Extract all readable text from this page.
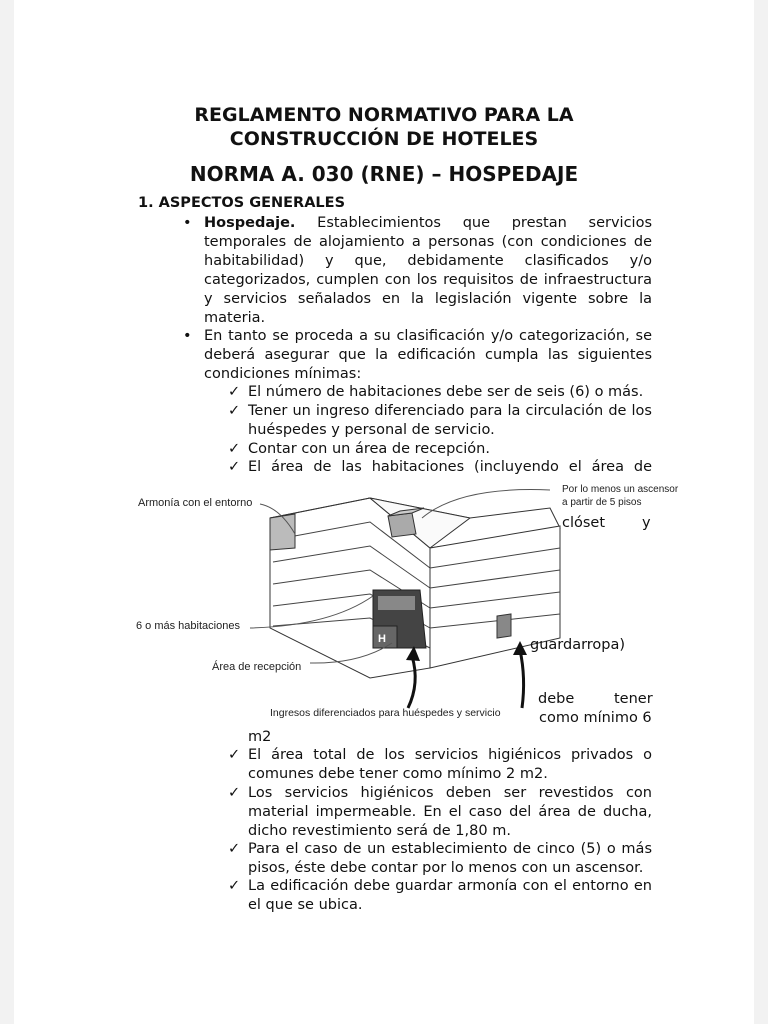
REGLAMENTO NORMATIVO PARA LA
CONSTRUCCIÓN DE HOTELES
NORMA A. 030 (RNE) – HOSPEDAJE
1. ASPECTOS GENERALES
• Hospedaje. Establecimientos que prestan servicios
temporales de alojamiento a personas (con condiciones de
habitabilidad) y que, debidamente clasificados y/o
categorizados, cumplen con los requisitos de infraestructura
y servicios señalados en la legislación vigente sobre la
materia.
• En tanto se proceda a su clasificación y/o categorización, se
deberá asegurar que la edificación cumpla las siguientes
condiciones mínimas:
✓ El número de habitaciones debe ser de seis (6) o más.
✓ Tener un ingreso diferenciado para la circulación de los
huéspedes y personal de servicio.
✓ Contar con un área de recepción.
✓ El área de las habitaciones (incluyendo el área de
H
Armonía con el entorno
Por lo menos un ascensor
a partir de 5 pisos
6 o más habitaciones
Área de recepción
Ingresos diferenciados para huéspedes y servicio
clóset	y
guardarropa)
debe	tener
como mínimo 6
m2
✓ El área total de los servicios higiénicos privados o
comunes debe tener como mínimo 2 m2.
✓ Los servicios higiénicos deben ser revestidos con
material impermeable. En el caso del área de ducha,
dicho revestimiento será de 1,80 m.
✓ Para el caso de un establecimiento de cinco (5) o más
pisos, éste debe contar por lo menos con un ascensor.
✓ La edificación debe guardar armonía con el entorno en
el que se ubica.
